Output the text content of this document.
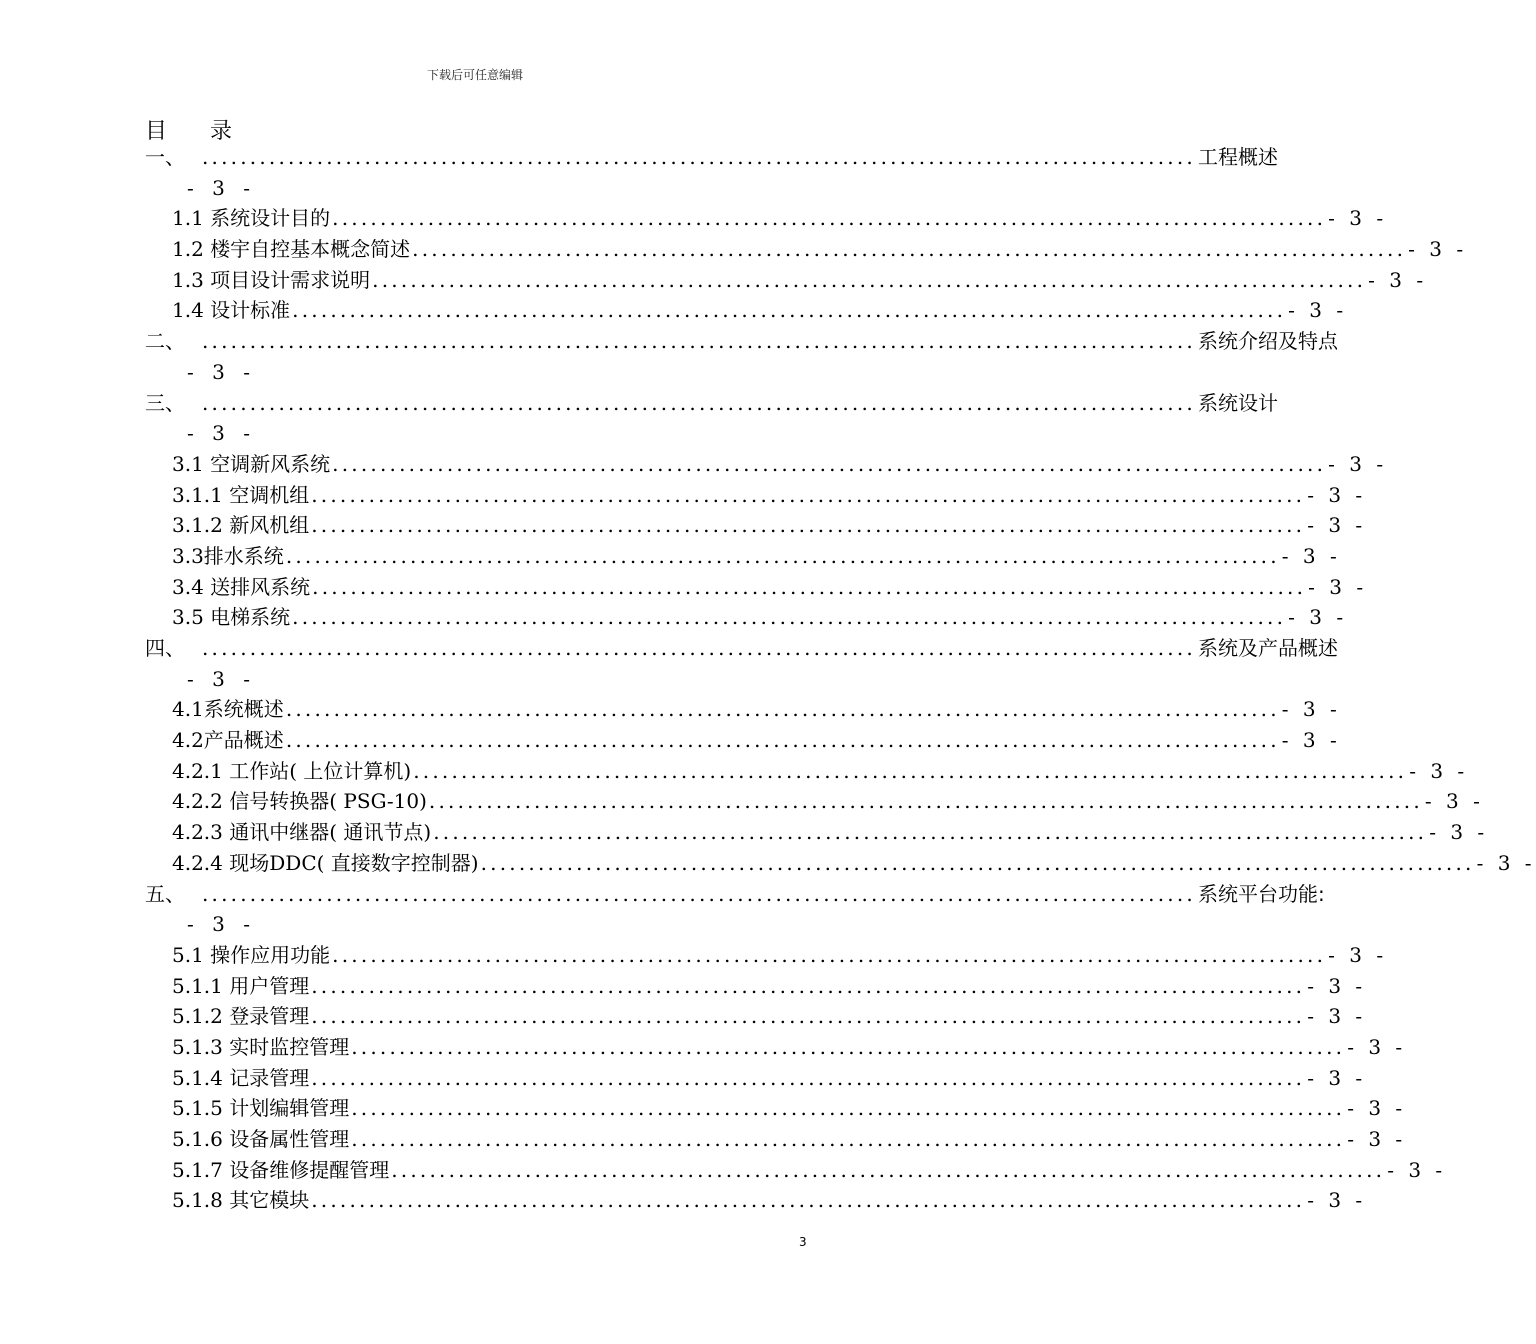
下载后可任意编辑
目 录
一、 ........................................................................................................ 工程概述
- 3 -
1.1 系统设计目的 ........................................................................................................ - 3 -
1.2 楼宇自控基本概念简述 ........................................................................................................ - 3 -
1.3 项目设计需求说明 ........................................................................................................ - 3 -
1.4 设计标准 ........................................................................................................ - 3 -
二、 ........................................................................................................ 系统介绍及特点
- 3 -
三、 ........................................................................................................ 系统设计
- 3 -
3.1 空调新风系统 ........................................................................................................ - 3 -
3.1.1 空调机组 ........................................................................................................ - 3 -
3.1.2 新风机组 ........................................................................................................ - 3 -
3.3排水系统 ........................................................................................................ - 3 -
3.4 送排风系统 ........................................................................................................ - 3 -
3.5 电梯系统 ........................................................................................................ - 3 -
四、 ........................................................................................................ 系统及产品概述
- 3 -
4.1系统概述 ........................................................................................................ - 3 -
4.2产品概述 ........................................................................................................ - 3 -
4.2.1 工作站( 上位计算机) ........................................................................................................ - 3 -
4.2.2 信号转换器( PSG-10) ........................................................................................................ - 3 -
4.2.3 通讯中继器( 通讯节点) ........................................................................................................ - 3 -
4.2.4 现场DDC( 直接数字控制器) ........................................................................................................ - 3 -
五、 ........................................................................................................ 系统平台功能:
- 3 -
5.1 操作应用功能 ........................................................................................................ - 3 -
5.1.1 用户管理 ........................................................................................................ - 3 -
5.1.2 登录管理 ........................................................................................................ - 3 -
5.1.3 实时监控管理 ........................................................................................................ - 3 -
5.1.4 记录管理 ........................................................................................................ - 3 -
5.1.5 计划编辑管理 ........................................................................................................ - 3 -
5.1.6 设备属性管理 ........................................................................................................ - 3 -
5.1.7 设备维修提醒管理 ........................................................................................................ - 3 -
5.1.8 其它模块 ........................................................................................................ - 3 -
3
